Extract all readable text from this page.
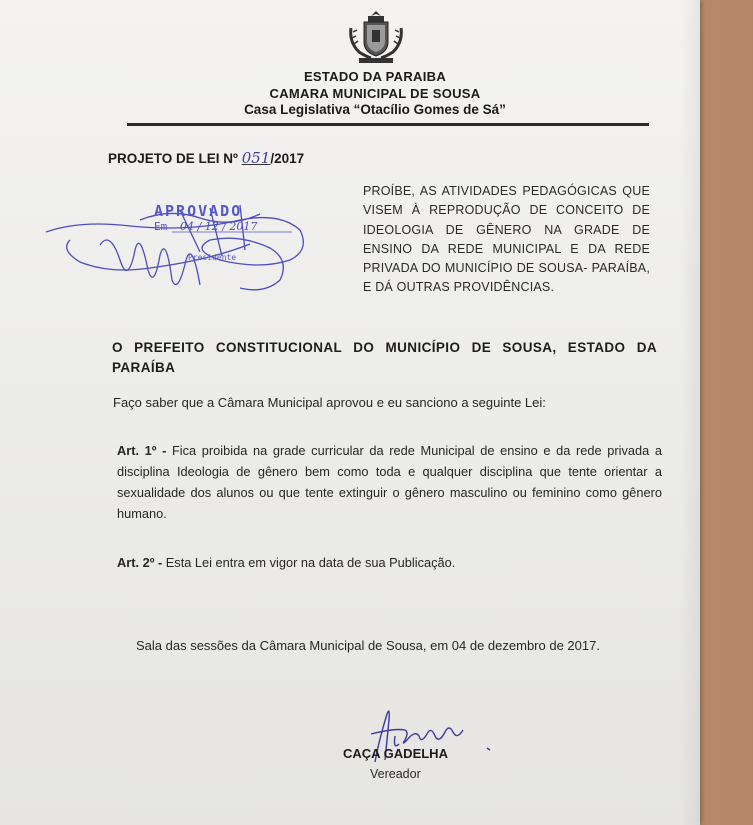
ESTADO DA PARAIBA
CAMARA MUNICIPAL DE SOUSA
Casa Legislativa “Otacílio Gomes de Sá”
PROJETO DE LEI Nº 051/2017
APROVADO
Em 04 / 12 / 2017
Presidente
PROÍBE, AS ATIVIDADES PEDAGÓGICAS QUE VISEM À REPRODUÇÃO DE CONCEITO DE IDEOLOGIA DE GÊNERO NA GRADE DE ENSINO DA REDE MUNICIPAL E DA REDE PRIVADA DO MUNICÍPIO DE SOUSA- PARAÍBA, E DÁ OUTRAS PROVIDÊNCIAS.
O PREFEITO CONSTITUCIONAL DO MUNICÍPIO DE SOUSA, ESTADO DA PARAÍBA
Faço saber que a Câmara Municipal aprovou e eu sanciono a seguinte Lei:
Art. 1º - Fica proibida na grade curricular da rede Municipal de ensino e da rede privada a disciplina Ideologia de gênero bem como toda e qualquer disciplina que tente orientar a sexualidade dos alunos ou que tente extinguir o gênero masculino ou feminino como gênero humano.
Art. 2º - Esta Lei entra em vigor na data de sua Publicação.
Sala das sessões da Câmara Municipal de Sousa, em 04 de dezembro de 2017.
CAÇA GADELHA
Vereador
